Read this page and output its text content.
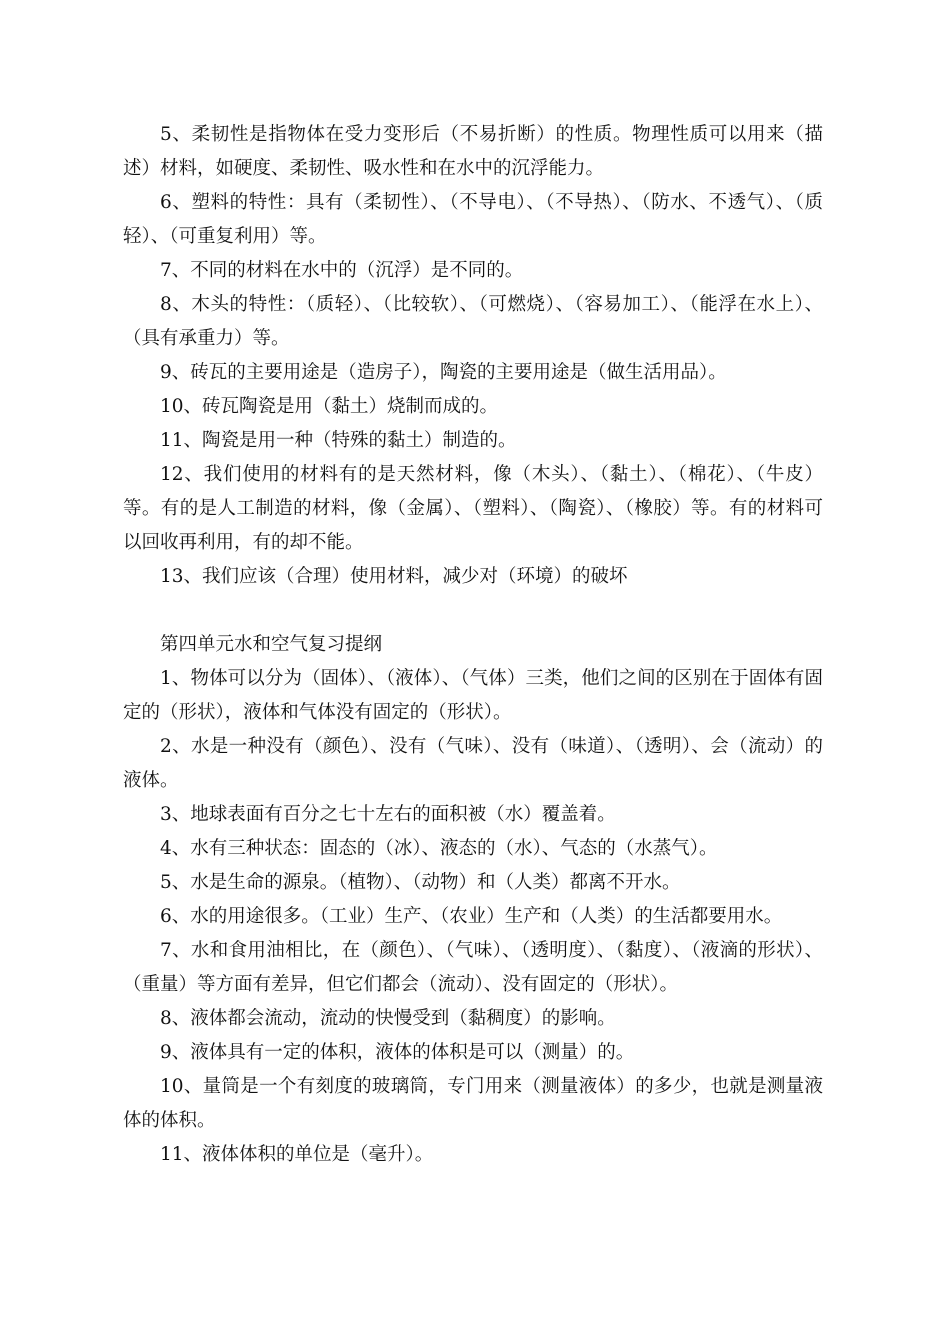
5、柔韧性是指物体在受力变形后（不易折断）的性质。物理性质可以用来（描述）材料，如硬度、柔韧性、吸水性和在水中的沉浮能力。

6、塑料的特性：具有（柔韧性）、（不导电）、（不导热）、（防水、不透气）、（质轻）、（可重复利用）等。

7、不同的材料在水中的（沉浮）是不同的。

8、木头的特性：（质轻）、（比较软）、（可燃烧）、（容易加工）、（能浮在水上）、（具有承重力）等。

9、砖瓦的主要用途是（造房子），陶瓷的主要用途是（做生活用品）。

10、砖瓦陶瓷是用（黏土）烧制而成的。

11、陶瓷是用一种（特殊的黏土）制造的。

12、我们使用的材料有的是天然材料，像（木头）、（黏土）、（棉花）、（牛皮）等。有的是人工制造的材料，像（金属）、（塑料）、（陶瓷）、（橡胶）等。有的材料可以回收再利用，有的却不能。

13、我们应该（合理）使用材料，减少对（环境）的破坏

第四单元水和空气复习提纲

1、物体可以分为（固体）、（液体）、（气体）三类，他们之间的区别在于固体有固定的（形状），液体和气体没有固定的（形状）。

2、水是一种没有（颜色）、没有（气味）、没有（味道）、（透明）、会（流动）的液体。

3、地球表面有百分之七十左右的面积被（水）覆盖着。

4、水有三种状态：固态的（冰）、液态的（水）、气态的（水蒸气）。

5、水是生命的源泉。（植物）、（动物）和（人类）都离不开水。

6、水的用途很多。（工业）生产、（农业）生产和（人类）的生活都要用水。

7、水和食用油相比，在（颜色）、（气味）、（透明度）、（黏度）、（液滴的形状）、（重量）等方面有差异，但它们都会（流动）、没有固定的（形状）。

8、液体都会流动，流动的快慢受到（黏稠度）的影响。

9、液体具有一定的体积，液体的体积是可以（测量）的。

10、量筒是一个有刻度的玻璃筒，专门用来（测量液体）的多少，也就是测量液体的体积。

11、液体体积的单位是（毫升）。
